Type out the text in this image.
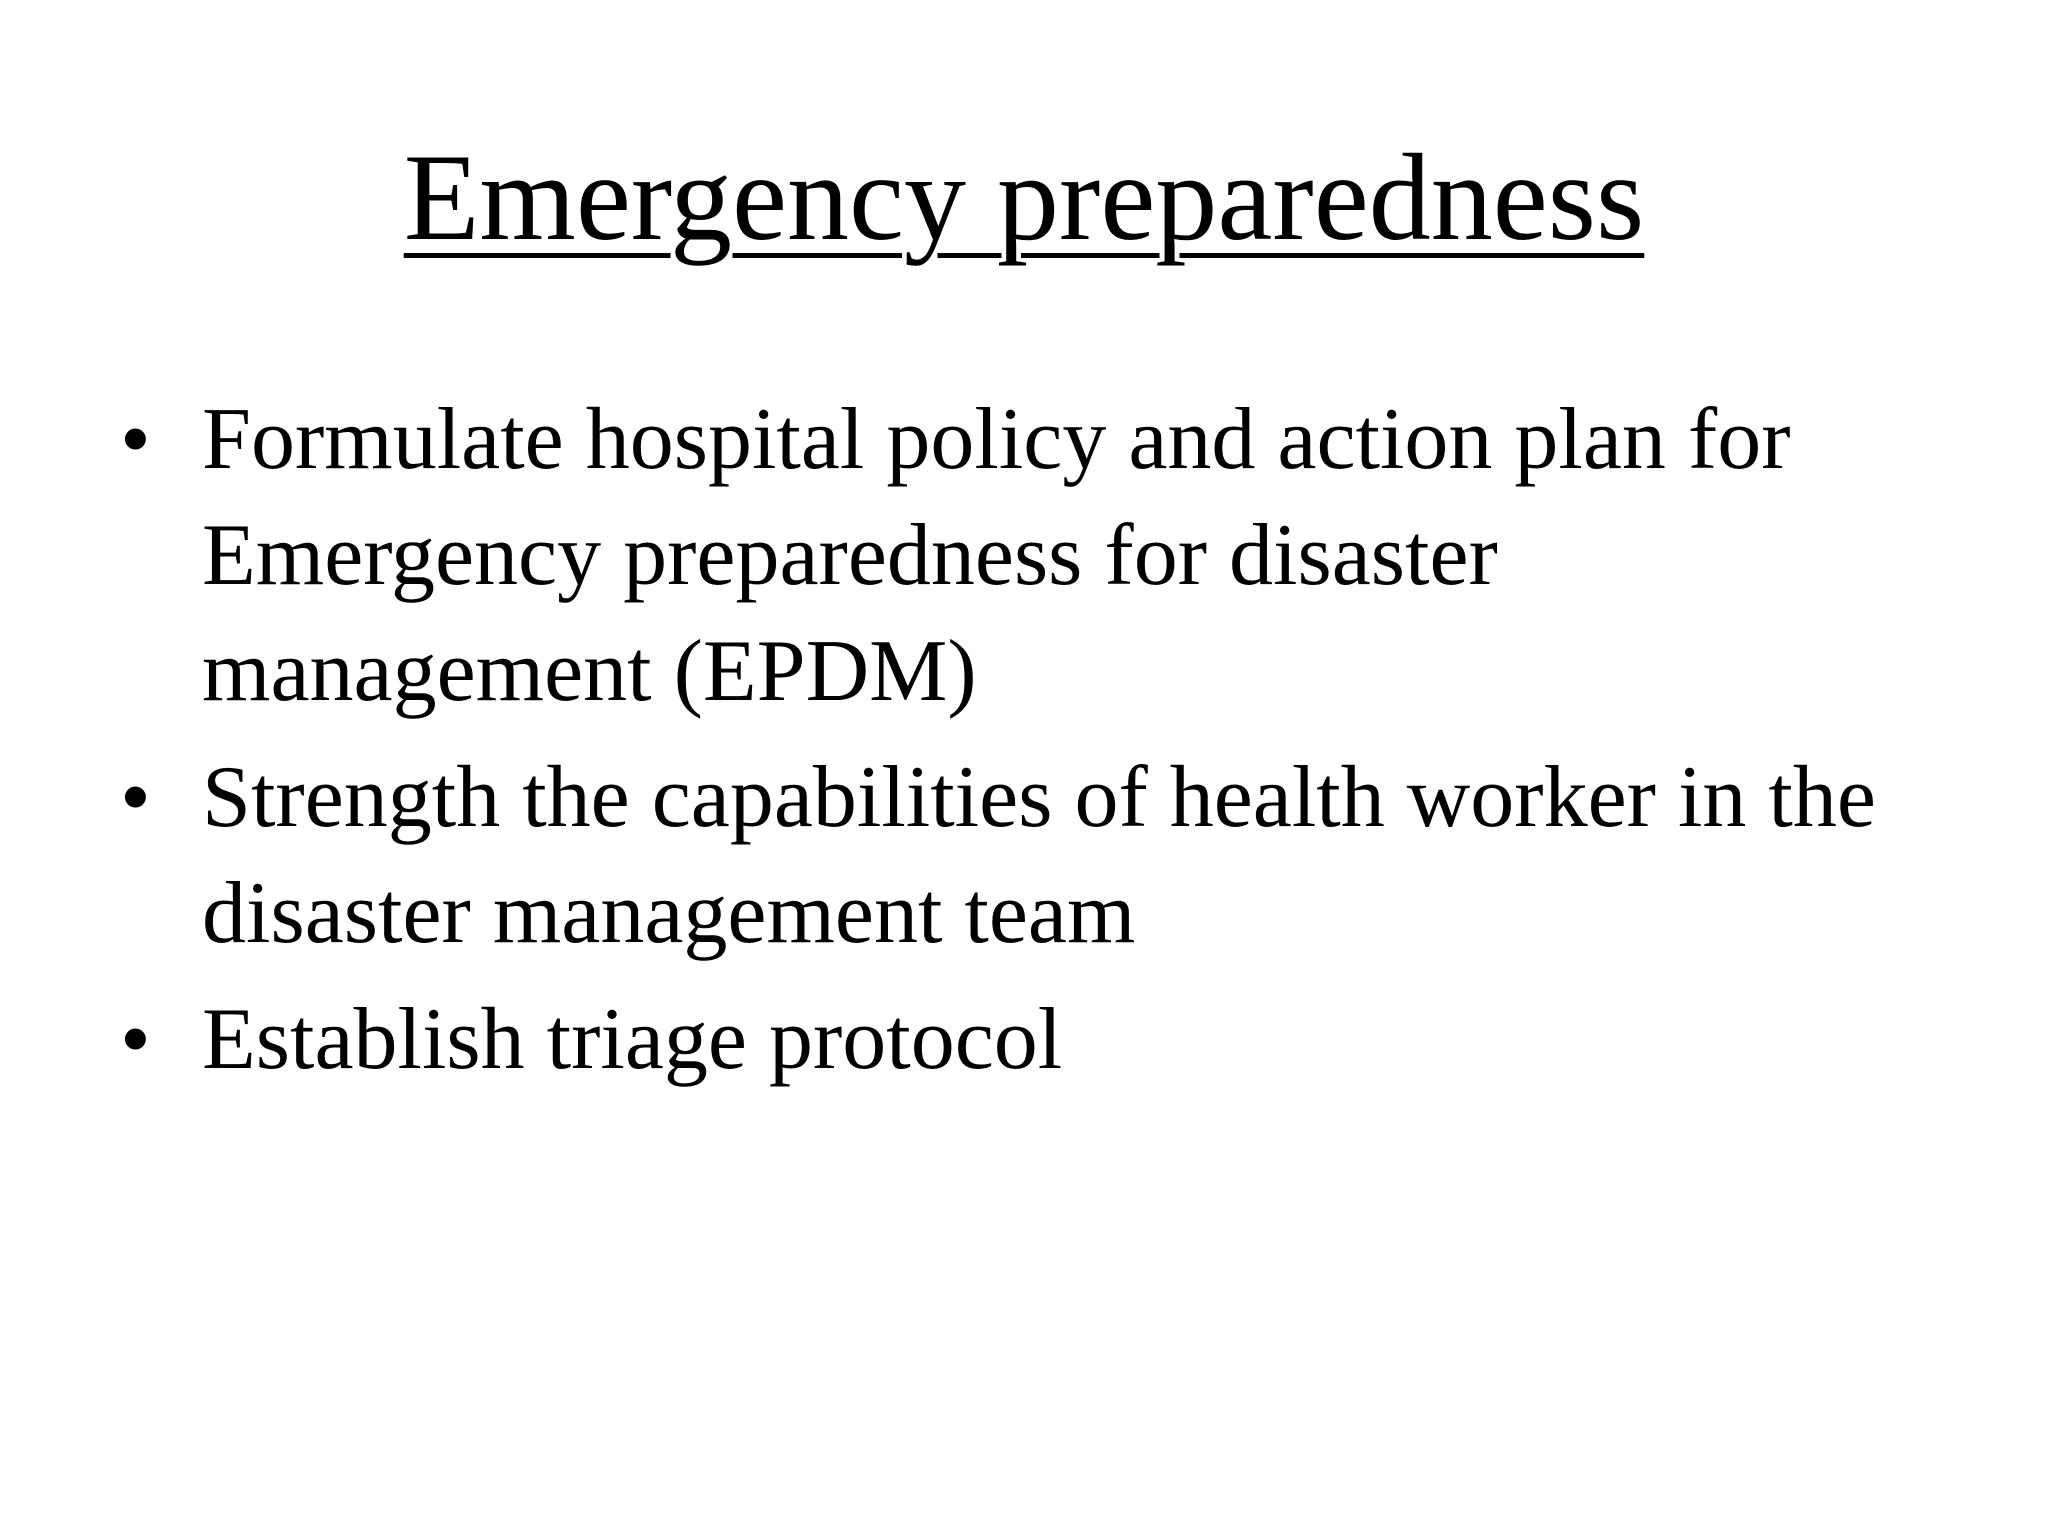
Emergency preparedness
• Formulate hospital policy and action plan for Emergency preparedness for disaster management (EPDM)
• Strength the capabilities of health worker in the disaster management team
• Establish triage protocol
